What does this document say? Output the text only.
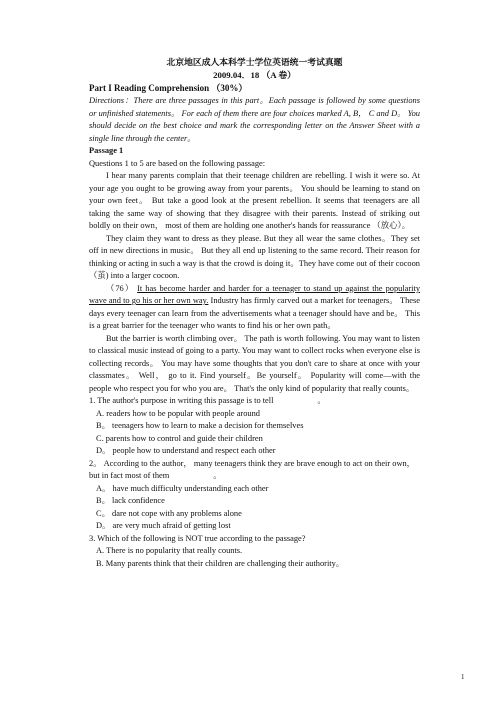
北京地区成人本科学士学位英语统一考试真题
2009.04．18 （A 卷）
Part I Reading Comprehension （30%）

Directions：There are three passages in this part。Each passage is followed by some questions or unfinished statements。 For each of them there are four choices marked A, B， C and D。 You should decide on the best choice and mark the corresponding letter on the Answer Sheet with a single line through the center。

Passage 1

Questions 1 to 5 are based on the following passage:

I hear many parents complain that their teenage children are rebelling. I wish it were so. At your age you ought to be growing away from your parents。 You should be learning to stand on your own feet。 But take a good look at the present rebellion. It seems that teenagers are all taking the same way of showing that they disagree with their parents. Instead of striking out boldly on their own， most of them are holding one another's hands for reassurance （放心）。

They claim they want to dress as they please. But they all wear the same clothes。They set off in new directions in music。 But they all end up listening to the same record. Their reason for thinking or acting in such a way is that the crowd is doing it。They have come out of their cocoon （茧) into a larger cocoon.

（76） It has become harder and harder for a teenager to stand up against the popularity wave and to go his or her own way. Industry has firmly carved out a market for teenagers。 These days every teenager can learn from the advertisements what a teenager should have and be。 This is a great barrier for the teenager who wants to find his or her own path。

But the barrier is worth climbing over。 The path is worth following. You may want to listen to classical music instead of going to a party. You may want to collect rocks when everyone else is collecting records。 You may have some thoughts that you don't care to share at once with your classmates。 Well， go to it. Find yourself。Be yourself。 Popularity will come—with the people who respect you for who you are。 That's the only kind of popularity that really counts。

1. The author's purpose in writing this passage is to tell	。

A. readers how to be popular with people around

B。 teenagers how to learn to make a decision for themselves

C. parents how to control and guide their children

D。 people how to understand and respect each other

2。 According to the author， many teenagers think they are brave enough to act on their own， but in fact most of them	。

A。 have much difficulty understanding each other

B。 lack confidence

C。 dare not cope with any problems alone

D。 are very much afraid of getting lost

3. Which of the following is NOT true according to the passage?

A. There is no popularity that really counts.

B. Many parents think that their children are challenging their authority。

1
